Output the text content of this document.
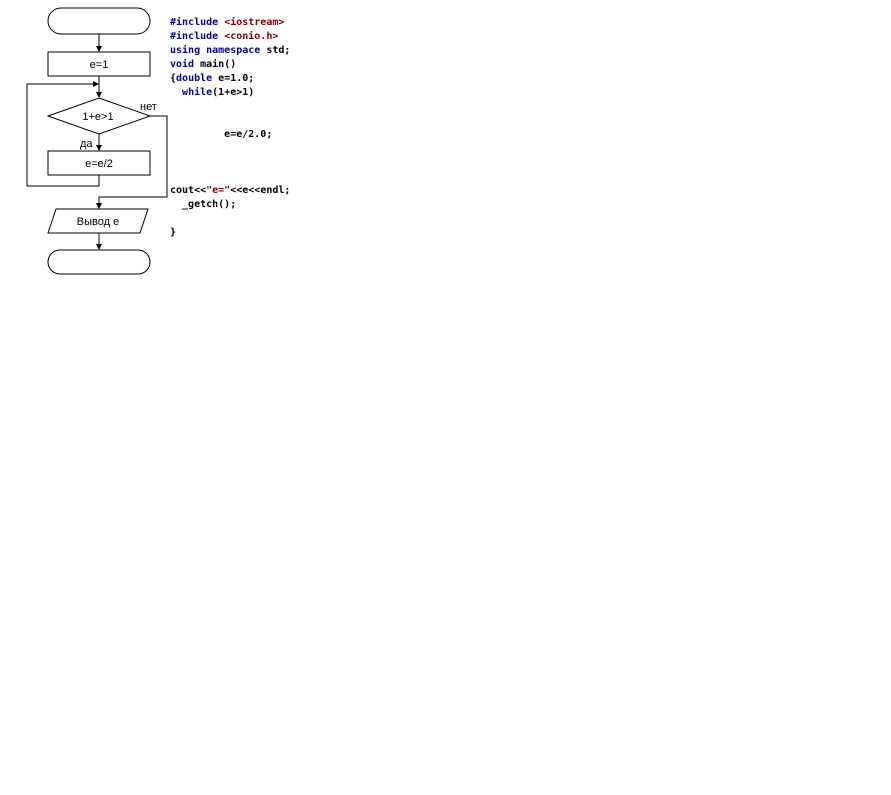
e=1
1+e>1
да
e=e/2
нет
Вывод e
#include <iostream>
#include <conio.h>
using namespace std;
void main()
{double e=1.0;
while(1+e>1)
e=e/2.0;
cout<<"e="<<e<<endl;
_getch();
}
